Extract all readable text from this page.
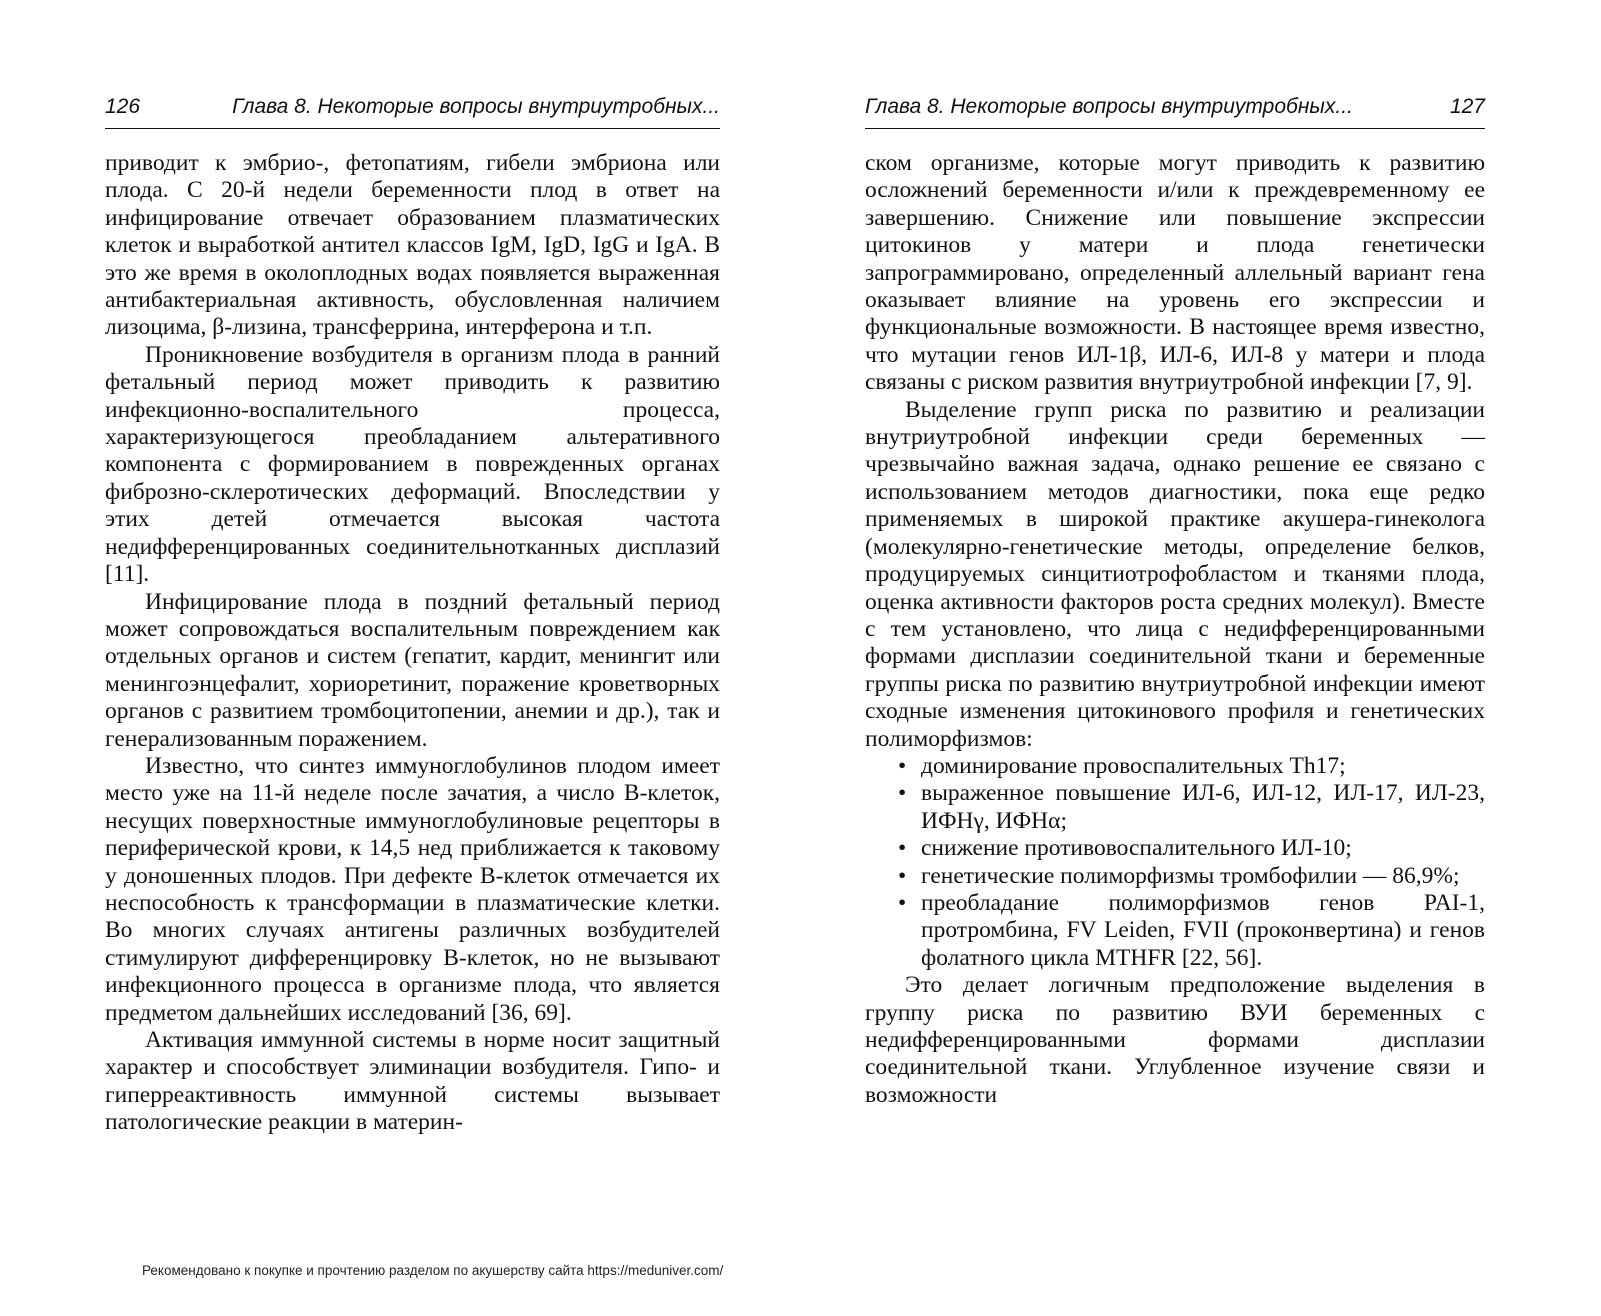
126	Глава 8. Некоторые вопросы внутриутробных...

приводит к эмбрио-, фетопатиям, гибели эмбриона или плода. С 20-й недели беременности плод в ответ на инфицирование отвечает образованием плазматических клеток и выработкой антител классов IgM, IgD, IgG и IgA. В это же время в околоплодных водах появляется выраженная антибактериальная активность, обусловленная наличием лизоцима, β-лизина, трансферрина, интерферона и т.п.

Проникновение возбудителя в организм плода в ранний фетальный период может приводить к развитию инфекционно-воспалительного процесса, характеризующегося преобладанием альтеративного компонента с формированием в поврежденных органах фиброзно-склеротических деформаций. Впоследствии у этих детей отмечается высокая частота недифференцированных соединительнотканных дисплазий [11].

Инфицирование плода в поздний фетальный период может сопровождаться воспалительным повреждением как отдельных органов и систем (гепатит, кардит, менингит или менингоэнцефалит, хориоретинит, поражение кроветворных органов с развитием тромбоцитопении, анемии и др.), так и генерализованным поражением.

Известно, что синтез иммуноглобулинов плодом имеет место уже на 11-й неделе после зачатия, а число В-клеток, несущих поверхностные иммуноглобулиновые рецепторы в периферической крови, к 14,5 нед приближается к таковому у доношенных плодов. При дефекте В-клеток отмечается их неспособность к трансформации в плазматические клетки. Во многих случаях антигены различных возбудителей стимулируют дифференцировку В-клеток, но не вызывают инфекционного процесса в организме плода, что является предметом дальнейших исследований [36, 69].

Активация иммунной системы в норме носит защитный характер и способствует элиминации возбудителя. Гипо- и гиперреактивность иммунной системы вызывает патологические реакции в материн-

Глава 8. Некоторые вопросы внутриутробных...	127

ском организме, которые могут приводить к развитию осложнений беременности и/или к преждевременному ее завершению. Снижение или повышение экспрессии цитокинов у матери и плода генетически запрограммировано, определенный аллельный вариант гена оказывает влияние на уровень его экспрессии и функциональные возможности. В настоящее время известно, что мутации генов ИЛ-1β, ИЛ-6, ИЛ-8 у матери и плода связаны с риском развития внутриутробной инфекции [7, 9].

Выделение групп риска по развитию и реализации внутриутробной инфекции среди беременных — чрезвычайно важная задача, однако решение ее связано с использованием методов диагностики, пока еще редко применяемых в широкой практике акушера-гинеколога (молекулярно-генетические методы, определение белков, продуцируемых синцитиотрофобластом и тканями плода, оценка активности факторов роста средних молекул). Вместе с тем установлено, что лица с недифференцированными формами дисплазии соединительной ткани и беременные группы риска по развитию внутриутробной инфекции имеют сходные изменения цитокинового профиля и генетических полиморфизмов:

• доминирование провоспалительных Th17;
• выраженное повышение ИЛ-6, ИЛ-12, ИЛ-17, ИЛ-23, ИФНγ, ИФНα;
• снижение противовоспалительного ИЛ-10;
• генетические полиморфизмы тромбофилии — 86,9%;
• преобладание полиморфизмов генов PAI-1, протромбина, FV Leiden, FVII (проконвертина) и генов фолатного цикла MTHFR [22, 56].

Это делает логичным предположение выделения в группу риска по развитию ВУИ беременных с недифференцированными формами дисплазии соединительной ткани. Углубленное изучение связи и возможности

Рекомендовано к покупке и прочтению разделом по акушерству сайта https://meduniver.com/
